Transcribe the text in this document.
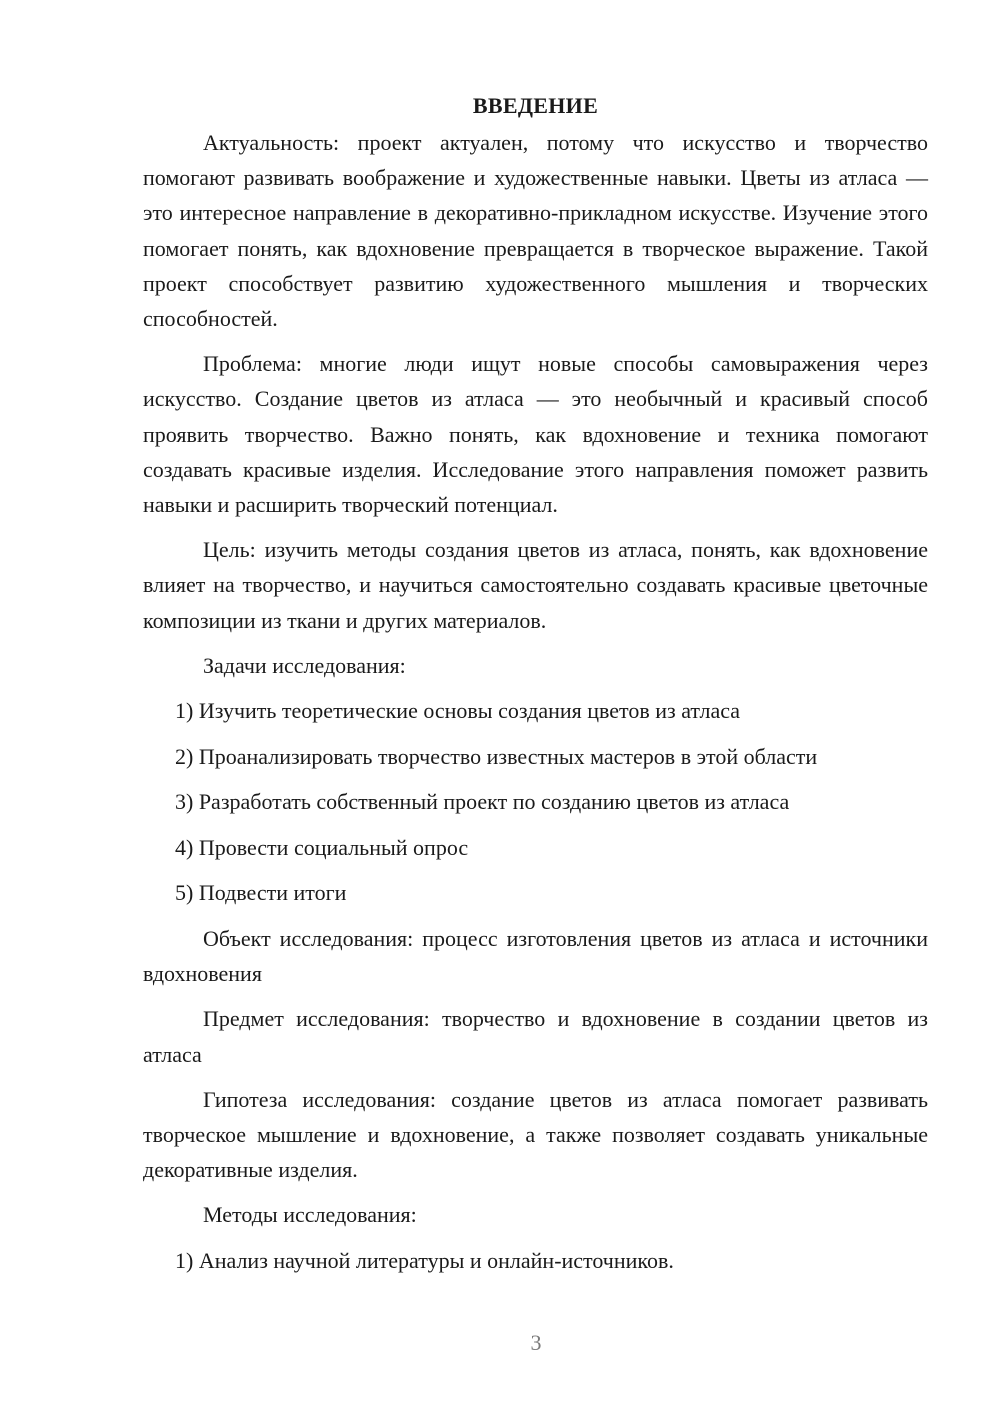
ВВЕДЕНИЕ

Актуальность: проект актуален, потому что искусство и творчество помогают развивать воображение и художественные навыки. Цветы из атласа — это интересное направление в декоративно-прикладном искусстве. Изучение этого помогает понять, как вдохновение превращается в творческое выражение. Такой проект способствует развитию художественного мышления и творческих способностей.

Проблема: многие люди ищут новые способы самовыражения через искусство. Создание цветов из атласа — это необычный и красивый способ проявить творчество. Важно понять, как вдохновение и техника помогают создавать красивые изделия. Исследование этого направления поможет развить навыки и расширить творческий потенциал.

Цель: изучить методы создания цветов из атласа, понять, как вдохновение влияет на творчество, и научиться самостоятельно создавать красивые цветочные композиции из ткани и других материалов.

Задачи исследования:

1) Изучить теоретические основы создания цветов из атласа
2) Проанализировать творчество известных мастеров в этой области
3) Разработать собственный проект по созданию цветов из атласа
4) Провести социальный опрос
5) Подвести итоги

Объект исследования: процесс изготовления цветов из атласа и источники вдохновения

Предмет исследования: творчество и вдохновение в создании цветов из атласа

Гипотеза исследования: создание цветов из атласа помогает развивать творческое мышление и вдохновение, а также позволяет создавать уникальные декоративные изделия.

Методы исследования:

1) Анализ научной литературы и онлайн-источников.
3
